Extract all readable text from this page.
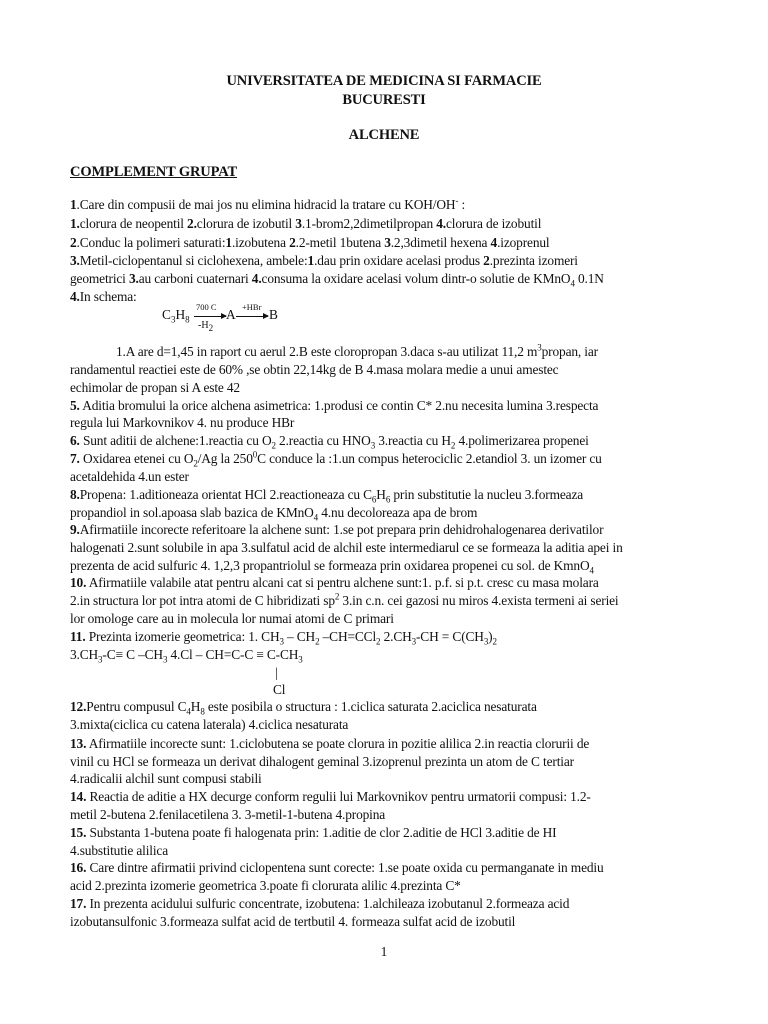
UNIVERSITATEA DE MEDICINA SI FARMACIE
BUCURESTI
ALCHENE
COMPLEMENT GRUPAT
1.Care din compusii de mai jos nu elimina hidracid la tratare cu KOH/OH- :
1.clorura de neopentil 2.clorura de izobutil 3.1-brom2,2dimetilpropan 4.clorura de izobutil
2.Conduc la polimeri saturati:1.izobutena 2.2-metil 1butena 3.2,3dimetil hexena 4.izoprenul
3.Metil-ciclopentanul si ciclohexena, ambele:1.dau prin oxidare acelasi produs 2.prezinta izomeri
geometrici 3.au carboni cuaternari 4.consuma la oxidare acelasi volum dintr-o solutie de KMnO$_4$ 0.1N
4.In schema:
$C_3H_8$
700 C
$-H_2$
A +HBr B
1.A are d=1,45 in raport cu aerul 2.B este cloropropan 3.daca s-au utilizat 11,2 $m^3propan$, iar
randamentul reactiei este de 60% ,se obtin 22,14kg de B 4.masa molara medie a unui amestec
echimolar de propan si A este 42
5. Aditia bromului la orice alchena asimetrica: 1.produsi ce contin C* 2.nu necesita lumina 3.respecta
regula lui Markovnikov 4. nu produce HBr
6. Sunt aditii de alchene:1.reactia cu $O_2$ 2.reactia cu $HNO_3$ 3.reactia cu $H_2$ 4.polimerizarea propenei
7. Oxidarea etenei cu $O_2/Ag$ la $250^0C$ conduce la :1.un compus heterociclic 2.etandiol 3. un izomer cu
acetaldehida 4.un ester
8.Propena: 1.aditioneaza orientat HCl 2.reactioneaza cu $C_6H_6$ prin substitutie la nucleu 3.formeaza
propandiol in sol.apoasa slab bazica de KMnO$_4$ 4.nu decoloreaza apa de brom
9.Afirmatiile incorecte referitoare la alchene sunt: 1.se pot prepara prin dehidrohalogenarea derivatilor
halogenati 2.sunt solubile in apa 3.sulfatul acid de alchil este intermediarul ce se formeaza la aditia apei in
prezenta de acid sulfuric 4. 1,2,3 propantriolul se formeaza prin oxidarea propenei cu sol. de KmnO$_4$
10. Afirmatiile valabile atat pentru alcani cat si pentru alchene sunt:1. p.f. si p.t. cresc cu masa molara
2.in structura lor pot intra atomi de C hibridizati $sp^2$ 3.in c.n. cei gazosi nu miros 4.exista termeni ai seriei
lor omologe care au in molecula lor numai atomi de C primari
11. Prezinta izomerie geometrica: 1. $CH_3 - CH_2$ –CH=CCl$_2$ $2.CH_3-CH = C(CH_3)_2$
$3.CH_3-C\equiv C$ $-CH_3$ $4.Cl - CH=C-C \equiv C-CH_3$
|
Cl
12.Pentru compusul $C_4H_8$ este posibila o structura : 1.ciclica saturata 2.aciclica nesaturata
3.mixta(ciclica cu catena laterala) 4.ciclica nesaturata
13. Afirmatiile incorecte sunt: 1.ciclobutena se poate clorura in pozitie alilica 2.in reactia clorurii de
vinil cu HCl se formeaza un derivat dihalogent geminal 3.izoprenul prezinta un atom de C tertiar
4.radicalii alchil sunt compusi stabili
14. Reactia de aditie a HX decurge conform regulii lui Markovnikov pentru urmatorii compusi: 1.2-
metil 2-butena 2.fenilacetilena 3. 3-metil-1-butena 4.propina
15. Substanta 1-butena poate fi halogenata prin: 1.aditie de clor 2.aditie de HCl 3.aditie de HI
4.substitutie alilica
16. Care dintre afirmatii privind ciclopentena sunt corecte: 1.se poate oxida cu permanganate in mediu
acid 2.prezinta izomerie geometrica 3.poate fi clorurata alilic 4.prezinta C*
17. In prezenta acidului sulfuric concentrate, izobutena: 1.alchileaza izobutanul 2.formeaza acid
izobutansulfonic 3.formeaza sulfat acid de tertbutil 4. formeaza sulfat acid de izobutil
1
